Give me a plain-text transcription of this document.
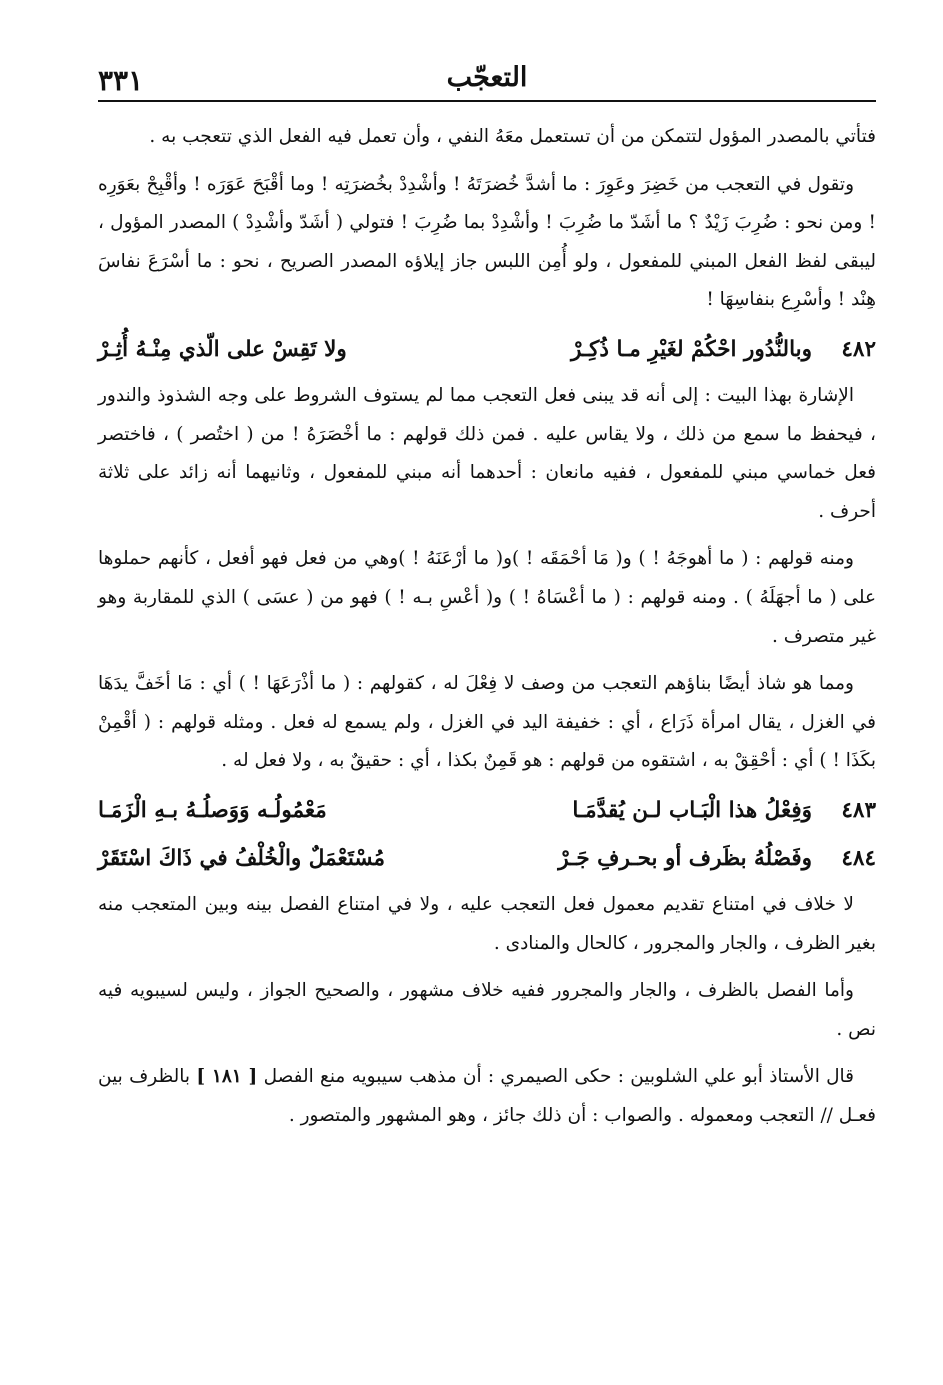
٣٣١	التعجّب

فتأتي بالمصدر المؤول لتتمكن من أن تستعمل معَهُ النفي ، وأن تعمل فيه الفعل الذي تتعجب به .

وتقول في التعجب من خَضِرَ وعَوِرَ : ما أشدَّ خُضرَتَهُ ! وأشْدِدْ بخُضرَتِه ! وما أقْبَحَ عَوَرَه ! وأقْبِحْ بعَوَرِه ! ومن نحو : ضُرِبَ زَيْدٌ ؟ ما أشَدّ ما ضُرِبَ ! وأشْدِدْ بما ضُرِبَ ! فتولي ( أشَدّ وأشْدِدْ ) المصدر المؤول ، ليبقى لفظ الفعل المبني للمفعول ، ولو أُمِن اللبس جاز إيلاؤه المصدر الصريح ، نحو : ما أسْرَعَ نفاسَ هِنْد ! وأسْرِع بنفاسِهَا !

٤٨٢
وبالنُّدُور احْكُمْ لغَيْرِ مـا ذُكِـرْ
ولا تَقِسْ على الّذي مِنْـهُ أُثِـرْ

الإشارة بهذا البيت : إلى أنه قد يبنى فعل التعجب مما لم يستوف الشروط على وجه الشذوذ والندور ، فيحفظ ما سمع من ذلك ، ولا يقاس عليه . فمن ذلك قولهم : ما أخْصَرَهُ ! من ( اختُصر ) ، فاختصر فعل خماسي مبني للمفعول ، ففيه مانعان : أحدهما أنه مبني للمفعول ، وثانيهما أنه زائد على ثلاثة أحرف .

ومنه قولهم : ( ما أهوجَهُ ! ) و( مَا أحْمَقَه ! )و( ما أرْعَنَهُ ! )وهي من فعل فهو أفعل ، كأنهم حملوها على ( ما أجهَلَهُ ) . ومنه قولهم : ( ما أعْسَاهُ ! ) و( أعْسِ بـه ! ) فهو من ( عسَى ) الذي للمقاربة وهو غير متصرف .

ومما هو شاذ أيضًا بناؤهم التعجب من وصف لا فِعْلَ له ، كقولهم : ( ما أذْرَعَهَا ! ) أي : مَا أخَفَّ يدَهَا في الغزل ، يقال امرأة ذَرَاع ، أي : خفيفة اليد في الغزل ، ولم يسمع له فعل . ومثله قولهم : ( أقْمِنْ بكَذَا ! ) أي : أحْقِقْ به ، اشتقوه من قولهم : هو قَمِنٌ بكذا ، أي : حقيقٌ به ، ولا فعل له .

٤٨٣
وَفِعْلُ هذا الْبَـاب لـن يُقدَّمَـا
مَعْمُولُـه وَوَصلُـهُ بـهِ الْزَمَـا
٤٨٤
وفَصْلُهُ بظَرف أو بحـرفِ جَـرْ
مُسْتَعْمَلٌ والْخُلْفُ في ذَاكَ اسْتَقَرْ

لا خلاف في امتناع تقديم معمول فعل التعجب عليه ، ولا في امتناع الفصل بينه وبين المتعجب منه بغير الظرف ، والجار والمجرور ، كالحال والمنادى .

وأما الفصل بالظرف ، والجار والمجرور ففيه خلاف مشهور ، والصحيح الجواز ، وليس لسيبويه فيه نص .

قال الأستاذ أبو علي الشلوبين : حكى الصيمري : أن مذهب سيبويه منع الفصل [ ١٨١ ] بالظرف بين فعـل // التعجب ومعموله . والصواب : أن ذلك جائز ، وهو المشهور والمتصور .
